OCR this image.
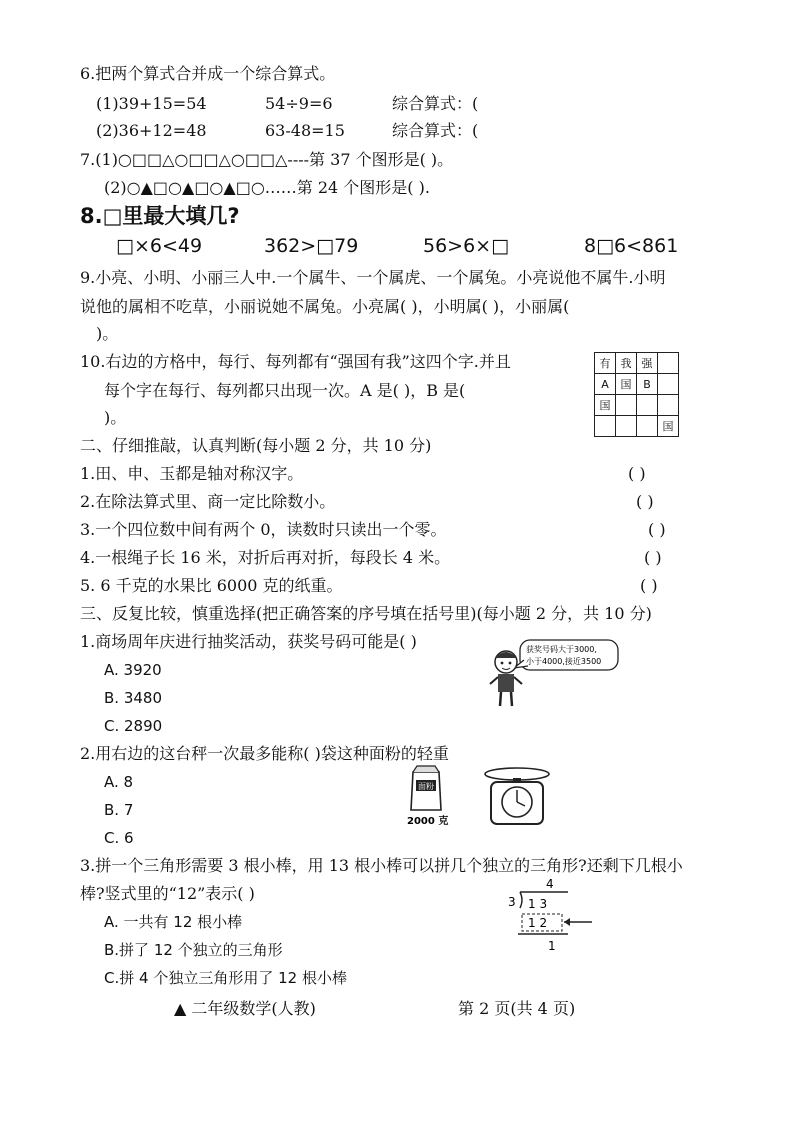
6.把两个算式合并成一个综合算式。
(1)39+15=54	54÷9=6	综合算式：(
(2)36+12=48	63-48=15	综合算式：(
7.(1)○□□△○□□△○□□△----第 37 个图形是( )。
(2)○▲□○▲□○▲□○……第 24 个图形是( ).
8.□里最大填几?
□×6<49	362>□79	56>6×□	8□6<861
9.小亮、小明、小丽三人中.一个属牛、一个属虎、一个属兔。小亮说他不属牛.小明
说他的属相不吃草，小丽说她不属兔。小亮属( )，小明属( )，小丽属(
)。
10.右边的方格中，每行、每列都有“强国有我”这四个字.并且
每个字在每行、每列都只出现一次。A 是( )，B 是(
)。
有	我	强	
A	国	B	
国			
			国
二、仔细推敲，认真判断(每小题 2 分，共 10 分)
1.田、申、玉都是轴对称汉字。	( )
2.在除法算式里、商一定比除数小。	( )
3.一个四位数中间有两个 0，读数时只读出一个零。	( )
4.一根绳子长 16 米，对折后再对折，每段长 4 米。	( )
5. 6 千克的水果比 6000 克的纸重。	( )
三、反复比较，慎重选择(把正确答案的序号填在括号里)(每小题 2 分，共 10 分)
1.商场周年庆进行抽奖活动，获奖号码可能是( )
A. 3920
B. 3480
C. 2890
获奖号码大于3000,
小于4000,接近3500
2.用右边的这台秤一次最多能称( )袋这种面粉的轻重
A. 8
B. 7
C. 6
面粉
2000 克
3.拼一个三角形需要 3 根小棒，用 13 根小棒可以拼几个独立的三角形?还剩下几根小
棒?竖式里的“12”表示( )
A. 一共有 12 根小棒
B.拼了 12 个独立的三角形
C.拼 4 个独立三角形用了 12 根小棒
4
3 1 3
1 2
1
▲ 二年级数学(人教)	第 2 页(共 4 页)
